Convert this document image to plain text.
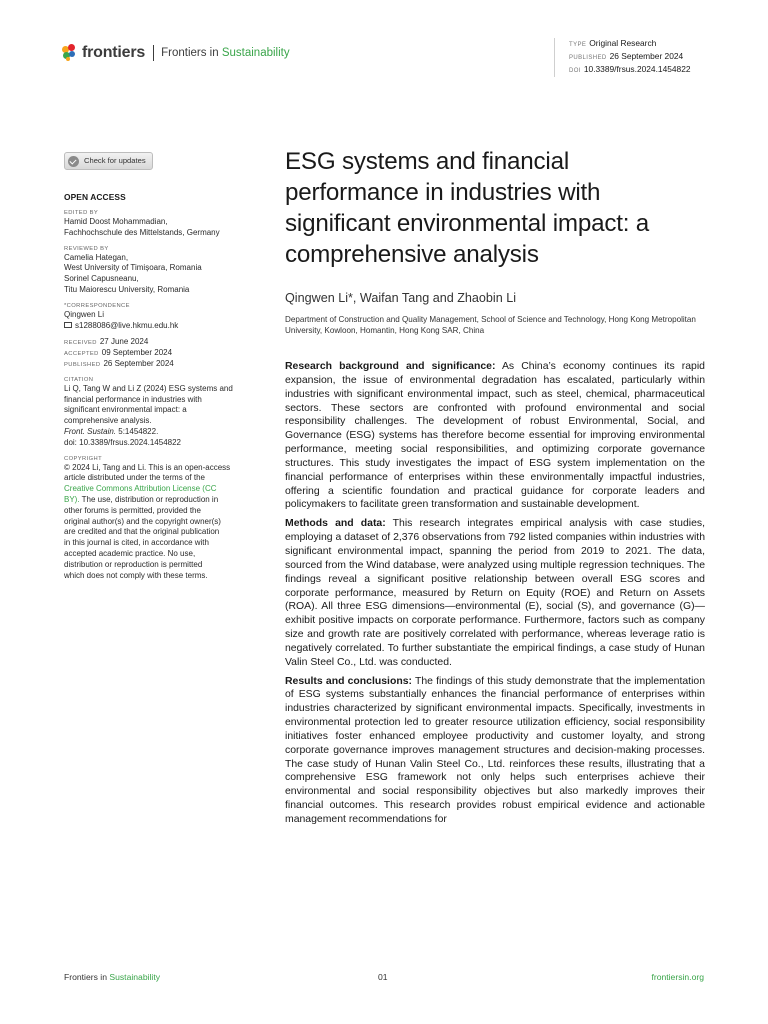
frontiers Frontiers in Sustainability
TYPE Original Research
PUBLISHED 26 September 2024
DOI 10.3389/frsus.2024.1454822
Check for updates
OPEN ACCESS
EDITED BY
Hamid Doost Mohammadian,
Fachhochschule des Mittelstands, Germany
REVIEWED BY
Camelia Hategan,
West University of Timișoara, Romania
Sorinel Capusneanu,
Titu Maiorescu University, Romania
*CORRESPONDENCE
Qingwen Li
s1288086@live.hkmu.edu.hk
RECEIVED 27 June 2024
ACCEPTED 09 September 2024
PUBLISHED 26 September 2024
CITATION
Li Q, Tang W and Li Z (2024) ESG systems and
financial performance in industries with
significant environmental impact: a
comprehensive analysis.
Front. Sustain. 5:1454822.
doi: 10.3389/frsus.2024.1454822
COPYRIGHT
© 2024 Li, Tang and Li. This is an open-access
article distributed under the terms of the
Creative Commons Attribution License (CC
BY). The use, distribution or reproduction in
other forums is permitted, provided the
original author(s) and the copyright owner(s)
are credited and that the original publication
in this journal is cited, in accordance with
accepted academic practice. No use,
distribution or reproduction is permitted
which does not comply with these terms.
ESG systems and financial performance in industries with significant environmental impact: a comprehensive analysis
Qingwen Li*, Waifan Tang and Zhaobin Li
Department of Construction and Quality Management, School of Science and Technology, Hong Kong Metropolitan University, Kowloon, Homantin, Hong Kong SAR, China

Research background and significance: As China’s economy continues its rapid expansion, the issue of environmental degradation has escalated, particularly within industries with significant environmental impact, such as steel, chemical, pharmaceutical sectors. These sectors are confronted with profound environmental and social responsibility challenges. The development of robust Environmental, Social, and Governance (ESG) systems has therefore become essential for improving environmental performance, meeting social responsibilities, and optimizing corporate governance structures. This study investigates the impact of ESG system implementation on the financial performance of enterprises within these environmentally impactful industries, offering a scientific foundation and practical guidance for corporate leaders and policymakers to facilitate green transformation and sustainable development.

Methods and data: This research integrates empirical analysis with case studies, employing a dataset of 2,376 observations from 792 listed companies within industries with significant environmental impact, spanning the period from 2019 to 2021. The data, sourced from the Wind database, were analyzed using multiple regression techniques. The findings reveal a significant positive relationship between overall ESG scores and corporate performance, measured by Return on Equity (ROE) and Return on Assets (ROA). All three ESG dimensions—environmental (E), social (S), and governance (G)—exhibit positive impacts on corporate performance. Furthermore, factors such as company size and growth rate are positively correlated with performance, whereas leverage ratio is negatively correlated. To further substantiate the empirical findings, a case study of Hunan Valin Steel Co., Ltd. was conducted.

Results and conclusions: The findings of this study demonstrate that the implementation of ESG systems substantially enhances the financial performance of enterprises within industries characterized by significant environmental impacts. Specifically, investments in environmental protection led to greater resource utilization efficiency, social responsibility initiatives foster enhanced employee productivity and customer loyalty, and strong corporate governance improves management structures and decision-making processes. The case study of Hunan Valin Steel Co., Ltd. reinforces these results, illustrating that a comprehensive ESG framework not only helps such enterprises achieve their environmental and social responsibility objectives but also markedly improves their financial outcomes. This research provides robust empirical evidence and actionable management recommendations for

Frontiers in Sustainability	01	frontiersin.org
